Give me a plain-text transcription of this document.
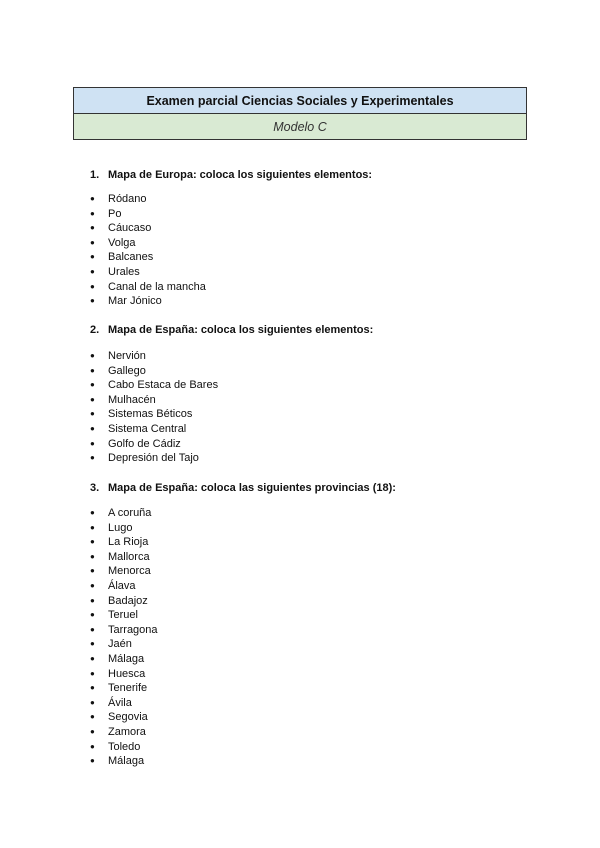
Examen parcial Ciencias Sociales y Experimentales
Modelo C
1. Mapa de Europa: coloca los siguientes elementos:
●	Ródano
●	Po
●	Cáucaso
●	Volga
●	Balcanes
●	Urales
●	Canal de la mancha
●	Mar Jónico
2. Mapa de España: coloca los siguientes elementos:
●	Nervión
●	Gallego
●	Cabo Estaca de Bares
●	Mulhacén
●	Sistemas Béticos
●	Sistema Central
●	Golfo de Cádiz
●	Depresión del Tajo
3. Mapa de España: coloca las siguientes provincias (18):
●	A coruña
●	Lugo
●	La Rioja
●	Mallorca
●	Menorca
●	Álava
●	Badajoz
●	Teruel
●	Tarragona
●	Jaén
●	Málaga
●	Huesca
●	Tenerife
●	Ávila
●	Segovia
●	Zamora
●	Toledo
●	Málaga
